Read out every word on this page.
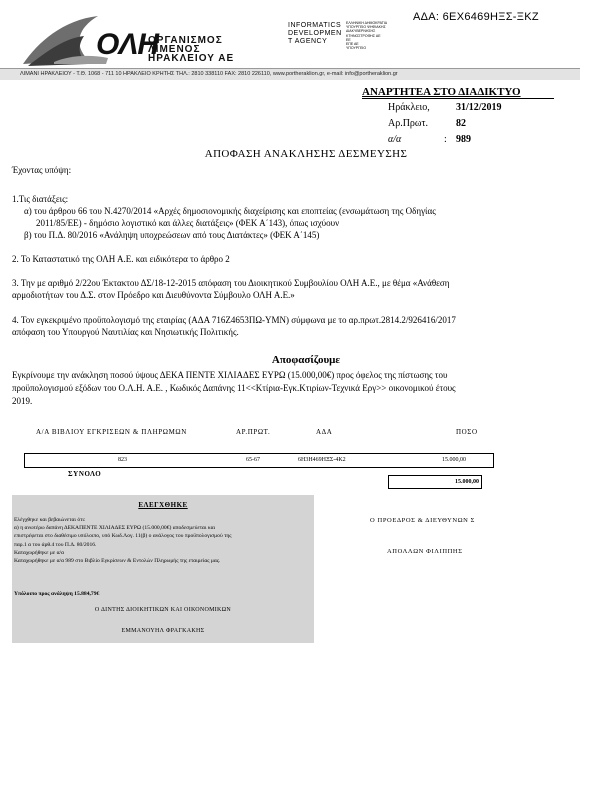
ΑΔΑ: 6ΕΧ6469ΗΞΣ-ΞΚΖ
ΟΛΗ
ΟΡΓΑΝΙΣΜΟΣ
ΛΙΜΕΝΟΣ
ΗΡΑΚΛΕΙΟΥ ΑΕ
INFORMATICS
DEVELOPMEN
T AGENCY
ΕΛΛΗΝΙΚΗ ΔΗΜΟΚΡΑΤΙΑ
ΥΠΟΥΡΓΕΙΟ ΨΗΦΙΑΚΗΣ
ΔΙΑΚΥΒΕΡΝΗΣΗΣ
ΚΤΗΝΟΣΤΡΟΦΗΣ ΑΕ
ΕΕ
ΕΠΕ ΑΕ
ΥΠΟΥΡΓΕΙΟ
ΛΙΜΑΝΙ ΗΡΑΚΛΕΙΟΥ - Τ.Θ. 1068 - 711 10 ΗΡΑΚΛΕΙΟ ΚΡΗΤΗΣ ΤΗΛ.: 2810 338110 FAX: 2810 226110, www.portheraklion.gr, e-mail: info@portheraklion.gr
ΑΝΑΡΤΗΤΕΑ ΣΤΟ ΔΙΑΔΙΚΤΥΟ
Ηράκλειο,	31/12/2019
Αρ.Πρωτ.	82
α/α	: 989
ΑΠΟΦΑΣΗ ΑΝΑΚΛΗΣΗΣ ΔΕΣΜΕΥΣΗΣ
Έχοντας υπόψη:
1.Τις διατάξεις:
α) του άρθρου 66 του Ν.4270/2014 «Αρχές δημοσιονομικής διαχείρισης και εποπτείας (ενσωμάτωση της Οδηγίας
2011/85/ΕΕ) - δημόσιο λογιστικό και άλλες διατάξεις» (ΦΕΚ Α΄143), όπως ισχύουν
β) του Π.Δ. 80/2016 «Ανάληψη υποχρεώσεων από τους Διατάκτες» (ΦΕΚ Α΄145)
2. Το Καταστατικό της ΟΛΗ Α.Ε. και ειδικότερα το άρθρο 2
3. Την με αριθμό 2/22ου Έκτακτου ΔΣ/18-12-2015 απόφαση του Διοικητικού Συμβουλίου ΟΛΗ Α.Ε., με θέμα «Ανάθεση
αρμοδιοτήτων του Δ.Σ. στον Πρόεδρο και Διευθύνοντα Σύμβουλο ΟΛΗ Α.Ε.»
4. Τον εγκεκριμένο προϋπολογισμό της εταιρίας (ΑΔΑ 716Ζ4653ΠΩ-ΥΜΝ) σύμφωνα με το αρ.πρωτ.2814.2/926416/2017
απόφαση του Υπουργού Ναυτιλίας και Νησιωτικής Πολιτικής.
Αποφασίζουμε
Εγκρίνουμε την ανάκληση ποσού ύψους ΔΕΚΑ ΠΕΝΤΕ ΧΙΛΙΑΔΕΣ ΕΥΡΩ (15.000,00€) προς όφελος της πίστωσης του
προϋπολογισμού εξόδων του Ο.Λ.Η. Α.Ε. , Κωδικός Δαπάνης 11<<Κτίρια-Εγκ.Κτιρίων-Τεχνικά Εργ>> οικονομικού έτους
2019.
Α/Α ΒΙΒΛΙΟΥ ΕΓΚΡΙΣΕΩΝ & ΠΛΗΡΩΜΩΝ	ΑΡ.ΠΡΩΤ.	ΑΔΑ	ΠΟΣΟ
823	65-67	6Η3Η469ΗΞΣ-4Κ2	15.000,00
ΣΥΝΟΛΟ
15.000,00
ΕΛΕΓΧΘΗΚΕ
Ελέγχθηκε και βεβαιώνεται ότι:
α) η ανωτέρω δαπάνη ΔΕΚΑΠΕΝΤΕ ΧΙΛΙΑΔΕΣ ΕΥΡΩ (15.000,00€) αποδεσμεύεται και
επιστρέφεται στο διαθέσιμο υπόλοιπο, υπό Κωδ.Λογ. 11(β) ο ανάλογος του προϋπολογισμού της
παρ.1 α του άρθ.4 του Π.Δ. 80/2016.
Καταχωρήθηκε με α/α
Καταχωρήθηκε με α/α 989 στο Βιβλίο Εγκρίσεων & Εντολών Πληρωμής της εταιρείας μας.
Υπόλοιπο προς ανάληψη 15.884,79€
Ο ΔΙΝΤΗΣ ΔΙΟΙΚΗΤΙΚΩΝ ΚΑΙ ΟΙΚΟΝΟΜΙΚΩΝ
ΕΜΜΑΝΟΥΗΛ ΦΡΑΓΚΑΚΗΣ
Ο ΠΡΟΕΔΡΟΣ & ΔΙΕΥΘΥΝΩΝ Σ
ΑΠΟΛΛΩΝ ΦΙΛΙΠΠΗΣ
